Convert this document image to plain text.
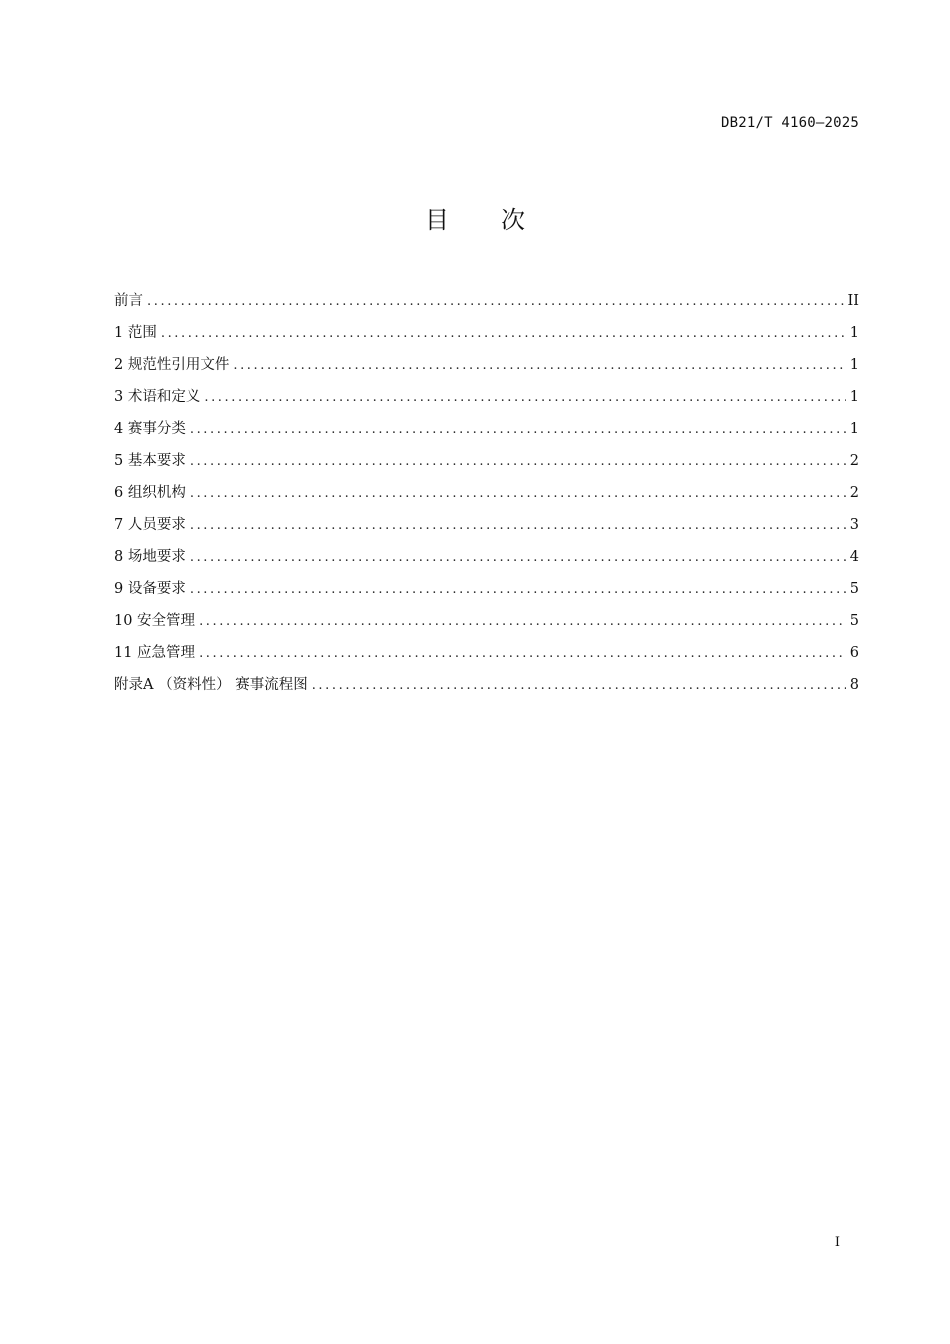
DB21/T 4160—2025
目 次
前言 .....	II
1 范围 .....	1
2 规范性引用文件 .....	1
3 术语和定义 .....	1
4 赛事分类 .....	1
5 基本要求 .....	2
6 组织机构 .....	2
7 人员要求 .....	3
8 场地要求 .....	4
9 设备要求 .....	5
10 安全管理 .....	5
11 应急管理 .....	6
附录A （资料性） 赛事流程图 .....	8
I
